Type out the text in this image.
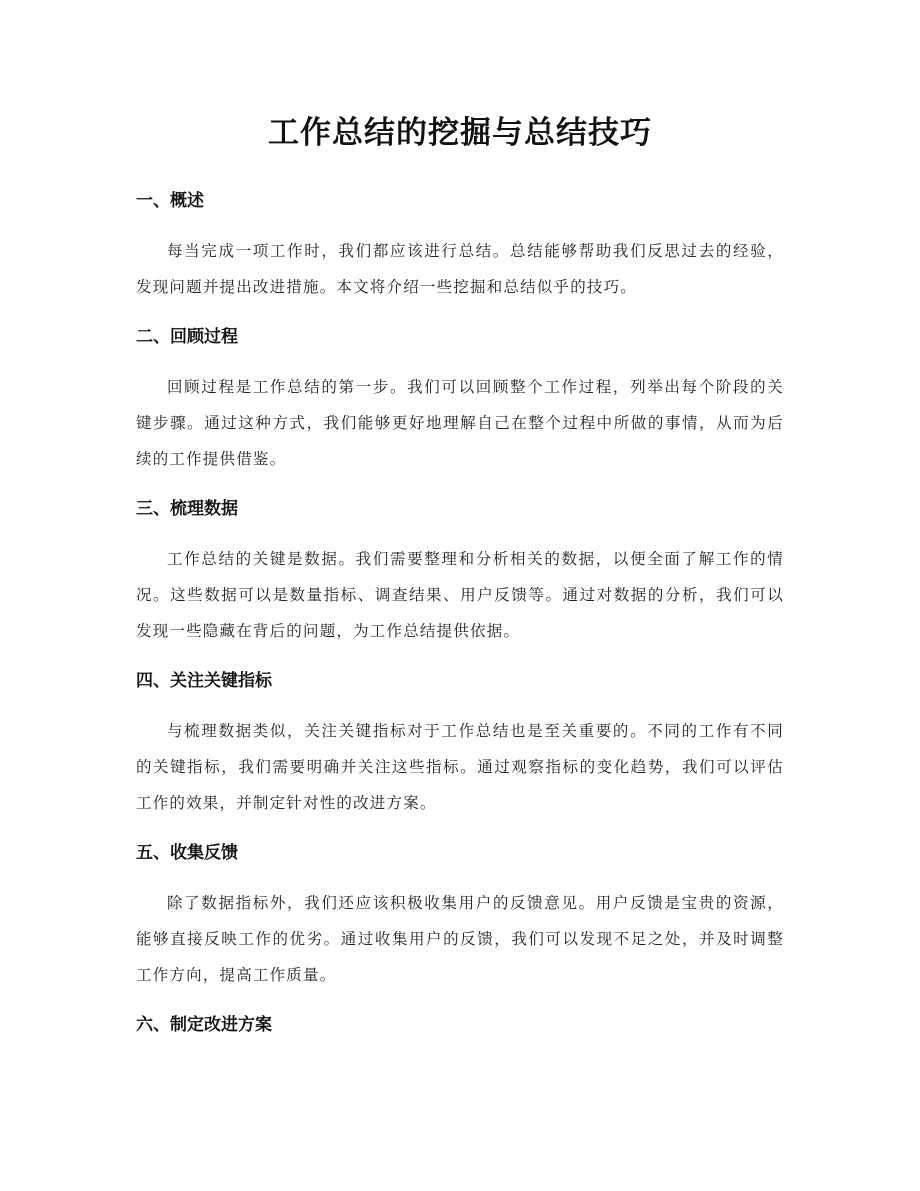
工作总结的挖掘与总结技巧
一、概述

每当完成一项工作时，我们都应该进行总结。总结能够帮助我们反思过去的经验，发现问题并提出改进措施。本文将介绍一些挖掘和总结似乎的技巧。

二、回顾过程

回顾过程是工作总结的第一步。我们可以回顾整个工作过程，列举出每个阶段的关键步骤。通过这种方式，我们能够更好地理解自己在整个过程中所做的事情，从而为后续的工作提供借鉴。

三、梳理数据

工作总结的关键是数据。我们需要整理和分析相关的数据，以便全面了解工作的情况。这些数据可以是数量指标、调查结果、用户反馈等。通过对数据的分析，我们可以发现一些隐藏在背后的问题，为工作总结提供依据。

四、关注关键指标

与梳理数据类似，关注关键指标对于工作总结也是至关重要的。不同的工作有不同的关键指标，我们需要明确并关注这些指标。通过观察指标的变化趋势，我们可以评估工作的效果，并制定针对性的改进方案。

五、收集反馈

除了数据指标外，我们还应该积极收集用户的反馈意见。用户反馈是宝贵的资源，能够直接反映工作的优劣。通过收集用户的反馈，我们可以发现不足之处，并及时调整工作方向，提高工作质量。

六、制定改进方案
